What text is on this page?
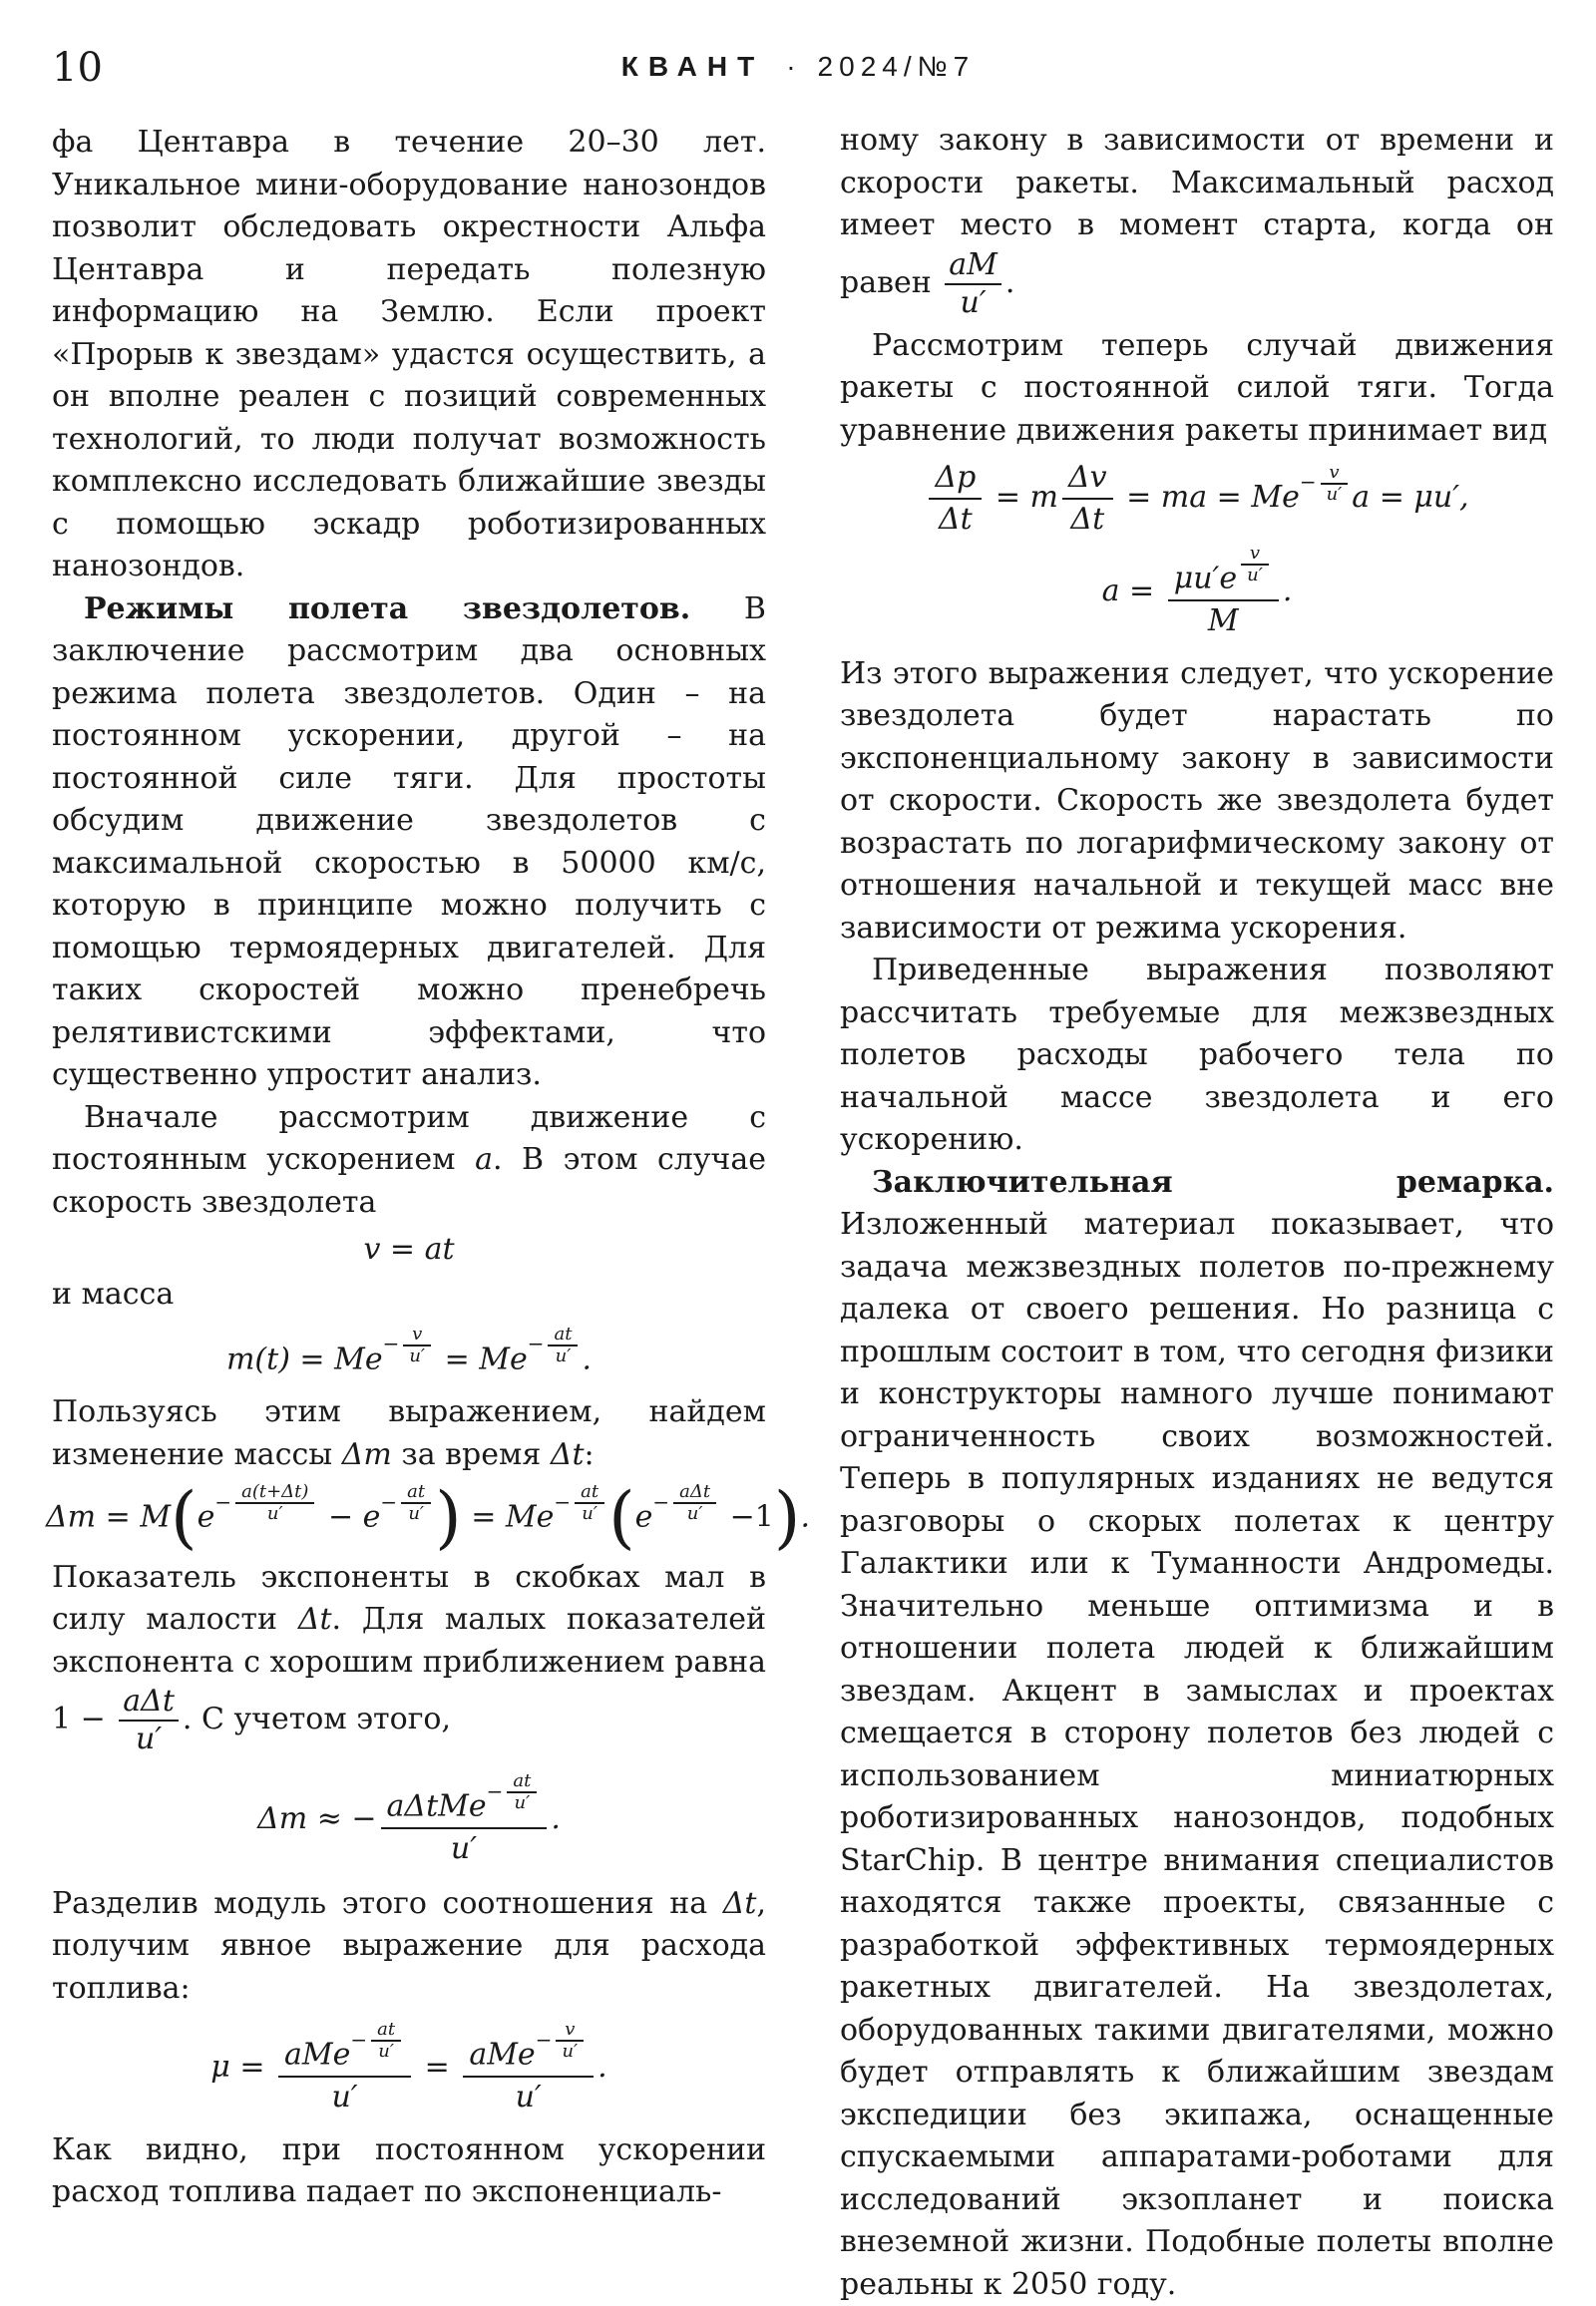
10	КВАНТ · 2024/№7

фа Центавра в течение 20–30 лет. Уникальное мини-оборудование нанозондов позволит обследовать окрестности Альфа Центавра и передать полезную информацию на Землю. Если проект «Прорыв к звездам» удастся осуществить, а он вполне реален с позиций современных технологий, то люди получат возможность комплексно исследовать ближайшие звезды с помощью эскадр роботизированных нанозондов.

Режимы полета звездолетов. В заключение рассмотрим два основных режима полета звездолетов. Один – на постоянном ускорении, другой – на постоянной силе тяги. Для простоты обсудим движение звездолетов с максимальной скоростью в 50000 км/с, которую в принципе можно получить с помощью термоядерных двигателей. Для таких скоростей можно пренебречь релятивистскими эффектами, что существенно упростит анализ.

Вначале рассмотрим движение с постоянным ускорением a. В этом случае скорость звездолета

v = at

и масса

$m(t) = Me^{- \frac{v}{u'}} = Me^{- \frac{at}{u'}}$ .

Пользуясь этим выражением, найдем изменение массы Δm за время Δt:

$\Delta m = M(e^{- \frac{a(t+\Delta t)}{u'}} - e^{- \frac{at}{u'}}$ ) = $Me^{- \frac{at}{u'}}$ $(e^{- \frac{\text{aΔt}}{u'}} -1)$.

Показатель экспоненты в скобках мал в силу малости Δt. Для малых показателей экспонента с хорошим приближением равна $1 - \frac{\text{aΔt}}{u'}$ . С учетом этого,

Δm ≈ − aΔtMe$^{- \frac{at}{u'}}$
u′ .

Разделив модуль этого соотношения на Δt, получим явное выражение для расхода топлива:

μ = aMe$^{- \frac{at}{u'}}$
u′ = aMe$^{- \frac{v}{u'}}$
u′ .

Как видно, при постоянном ускорении расход топлива падает по экспоненциаль-

ному закону в зависимости от времени и скорости ракеты. Максимальный расход имеет место в момент старта, когда он равен $\frac{aM}{u'}$ .

Рассмотрим теперь случай движения ракеты с постоянной силой тяги. Тогда уравнение движения ракеты принимает вид

$\frac{\Delta p}{\Delta t} = m \frac{\Delta v}{\Delta t}$ = ma = $Me^{- \frac{v}{u'}}$ a = μu′,
a = μu′e $^{\frac{v}{u'}}$
M .

Из этого выражения следует, что ускорение звездолета будет нарастать по экспоненциальному закону в зависимости от скорости. Скорость же звездолета будет возрастать по логарифмическому закону от отношения начальной и текущей масс вне зависимости от режима ускорения.

Приведенные выражения позволяют рассчитать требуемые для межзвездных полетов расходы рабочего тела по начальной массе звездолета и его ускорению.

Заключительная ремарка. Изложенный материал показывает, что задача межзвездных полетов по-прежнему далека от своего решения. Но разница с прошлым состоит в том, что сегодня физики и конструкторы намного лучше понимают ограниченность своих возможностей. Теперь в популярных изданиях не ведутся разговоры о скорых полетах к центру Галактики или к Туманности Андромеды. Значительно меньше оптимизма и в отношении полета людей к ближайшим звездам. Акцент в замыслах и проектах смещается в сторону полетов без людей с использованием миниатюрных роботизированных нанозондов, подобных StarChip. В центре внимания специалистов находятся также проекты, связанные с разработкой эффективных термоядерных ракетных двигателей. На звездолетах, оборудованных такими двигателями, можно будет отправлять к ближайшим звездам экспедиции без экипажа, оснащенные спускаемыми аппаратами-роботами для исследований экзопланет и поиска внеземной жизни. Подобные полеты вполне реальны к 2050 году.
